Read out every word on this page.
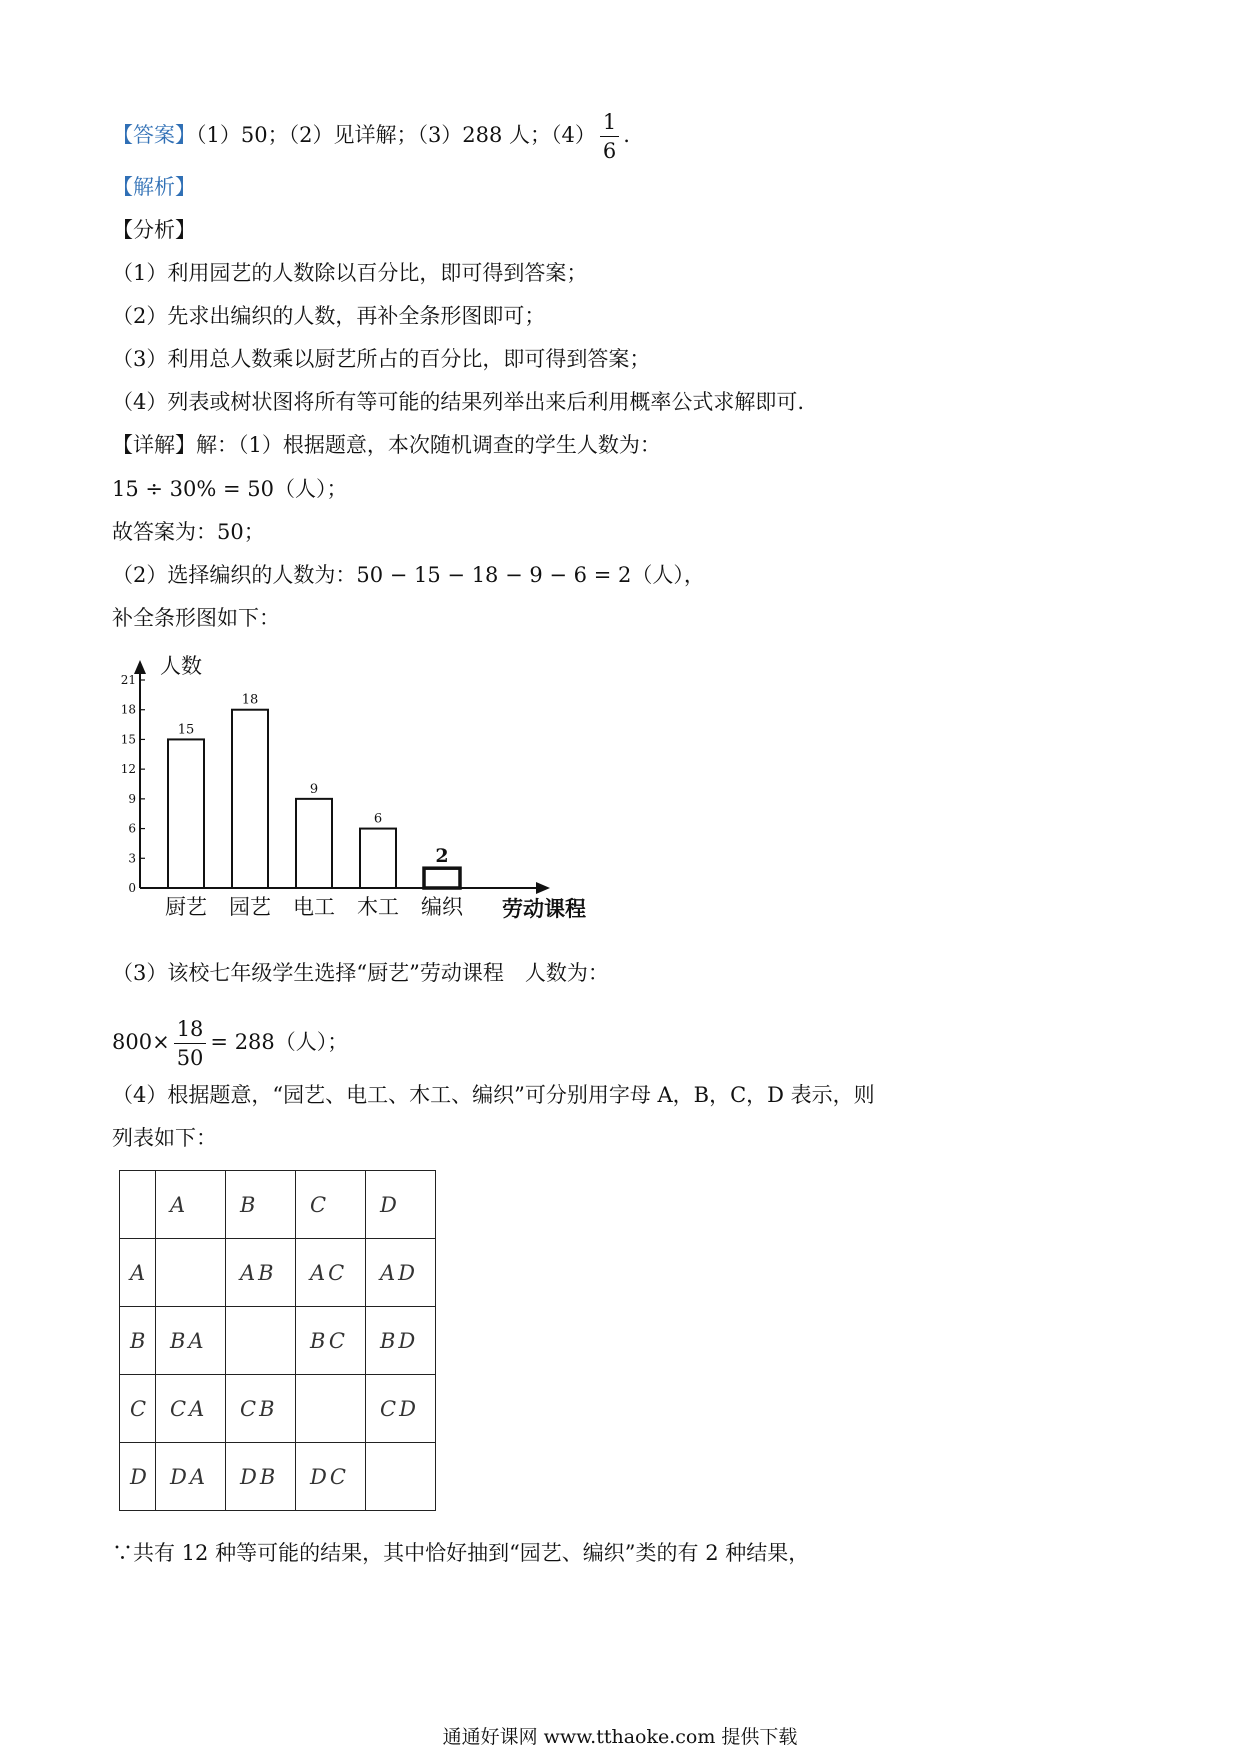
【答案】（1）50；（2）见详解；（3）288 人；$(4) \frac{1}{6}$ .
【解析】
【分析】
（1）利用园艺的人数除以百分比，即可得到答案；
（2）先求出编织的人数，再补全条形图即可；
（3）利用总人数乘以厨艺所占的百分比，即可得到答案；
（4）列表或树状图将所有等可能的结果列举出来后利用概率公式求解即可.
【详解】解：（1）根据题意，本次随机调查的学生人数为：
15 ÷ 30% = 50（人）；
故答案为：50；
（2）选择编织的人数为：50 − 15 − 18 − 9 − 6 = 2（人），
补全条形图如下：
0
3
6
9
12
15
18
21
15
18
9
6
2
厨艺 园艺 电工 木工 编织
人数
劳动课程
（3）该校七年级学生选择“厨艺”劳动课程　人数为：
$800\times \frac{18}{50} = 288$（人）；
（4）根据题意，“园艺、电工、木工、编织”可分别用字母 A，B，C，D 表示，则
列表如下：
	A	B	C	D
A		AB	AC	AD
B	BA		BC	BD
C	CA	CB		CD
D	DA	DB	DC	
∵共有 12 种等可能的结果，其中恰好抽到“园艺、编织”类的有 2 种结果，
通通好课网 www.tthaoke.com 提供下载
